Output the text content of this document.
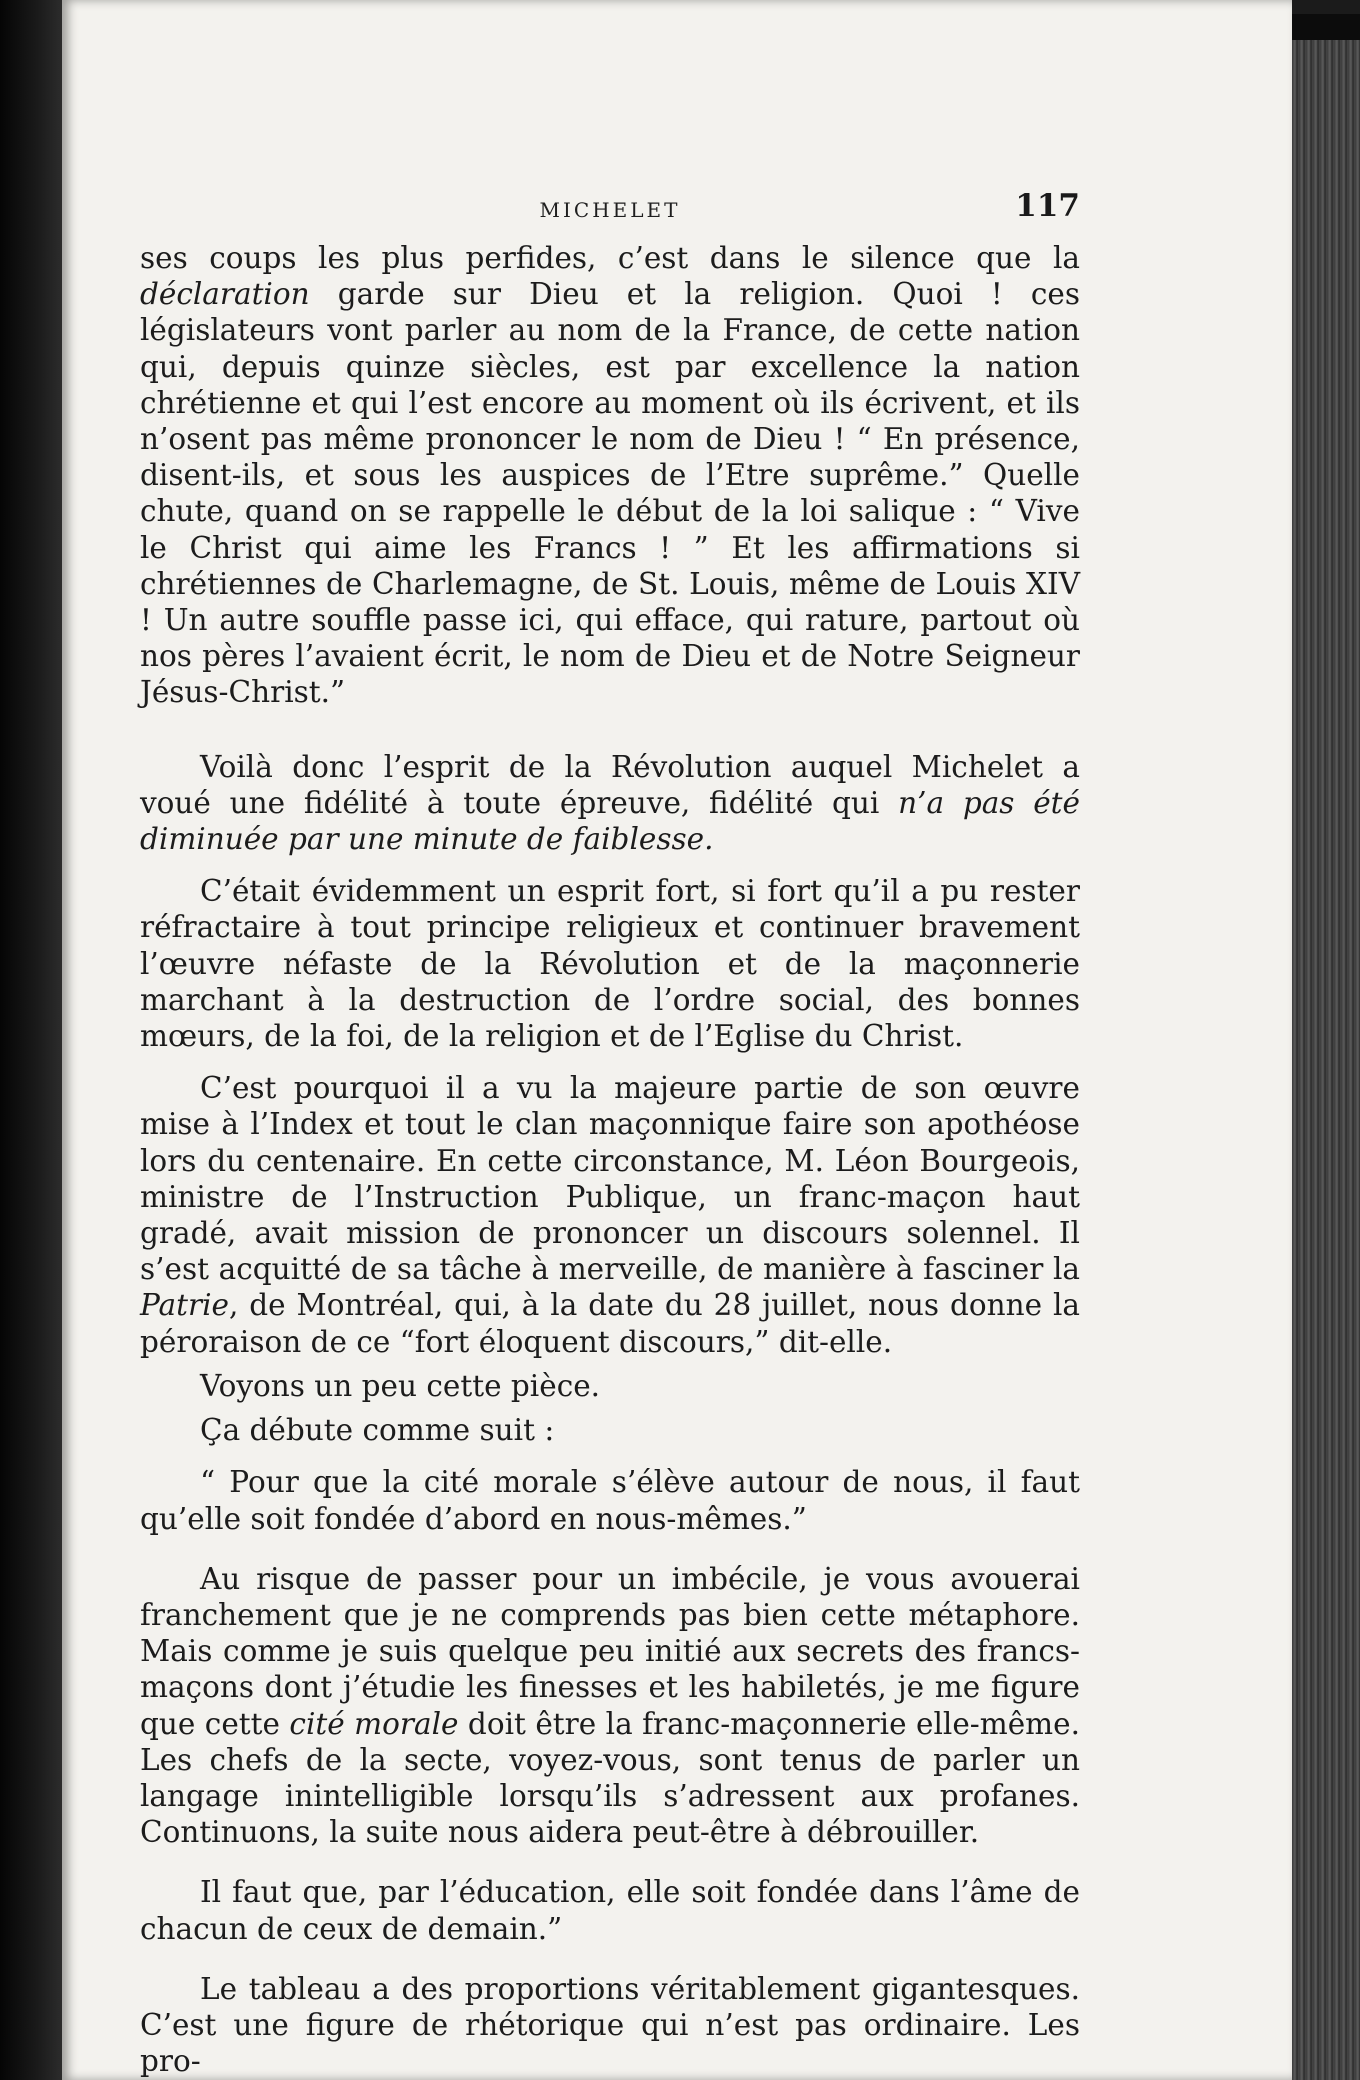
MICHELET	117

ses coups les plus perfides, c’est dans le silence que la déclaration garde sur Dieu et la religion. Quoi ! ces législateurs vont parler au nom de la France, de cette nation qui, depuis quinze siècles, est par excellence la nation chrétienne et qui l’est encore au moment où ils écrivent, et ils n’osent pas même prononcer le nom de Dieu ! “ En présence, disent-ils, et sous les auspices de l’Etre suprême.” Quelle chute, quand on se rappelle le début de la loi salique : “ Vive le Christ qui aime les Francs ! ” Et les affirmations si chrétiennes de Charlemagne, de St. Louis, même de Louis XIV ! Un autre souffle passe ici, qui efface, qui rature, partout où nos pères l’avaient écrit, le nom de Dieu et de Notre Seigneur Jésus-Christ.”

Voilà donc l’esprit de la Révolution auquel Michelet a voué une fidélité à toute épreuve, fidélité qui n’a pas été diminuée par une minute de faiblesse.

C’était évidemment un esprit fort, si fort qu’il a pu rester réfractaire à tout principe religieux et continuer bravement l’œuvre néfaste de la Révolution et de la maçonnerie marchant à la destruction de l’ordre social, des bonnes mœurs, de la foi, de la religion et de l’Eglise du Christ.

C’est pourquoi il a vu la majeure partie de son œuvre mise à l’Index et tout le clan maçonnique faire son apothéose lors du centenaire. En cette circonstance, M. Léon Bourgeois, ministre de l’Instruction Publique, un franc-maçon haut gradé, avait mission de prononcer un discours solennel. Il s’est acquitté de sa tâche à merveille, de manière à fasciner la Patrie, de Montréal, qui, à la date du 28 juillet, nous donne la péroraison de ce “fort éloquent discours,” dit-elle.

Voyons un peu cette pièce.

Ça débute comme suit :

“ Pour que la cité morale s’élève autour de nous, il faut qu’elle soit fondée d’abord en nous-mêmes.”

Au risque de passer pour un imbécile, je vous avouerai franchement que je ne comprends pas bien cette métaphore. Mais comme je suis quelque peu initié aux secrets des francs-maçons dont j’étudie les finesses et les habiletés, je me figure que cette cité morale doit être la franc-maçonnerie elle-même. Les chefs de la secte, voyez-vous, sont tenus de parler un langage inintelligible lorsqu’ils s’adressent aux profanes. Continuons, la suite nous aidera peut-être à débrouiller.

Il faut que, par l’éducation, elle soit fondée dans l’âme de chacun de ceux de demain.”

Le tableau a des proportions véritablement gigantesques. C’est une figure de rhétorique qui n’est pas ordinaire. Les pro-
